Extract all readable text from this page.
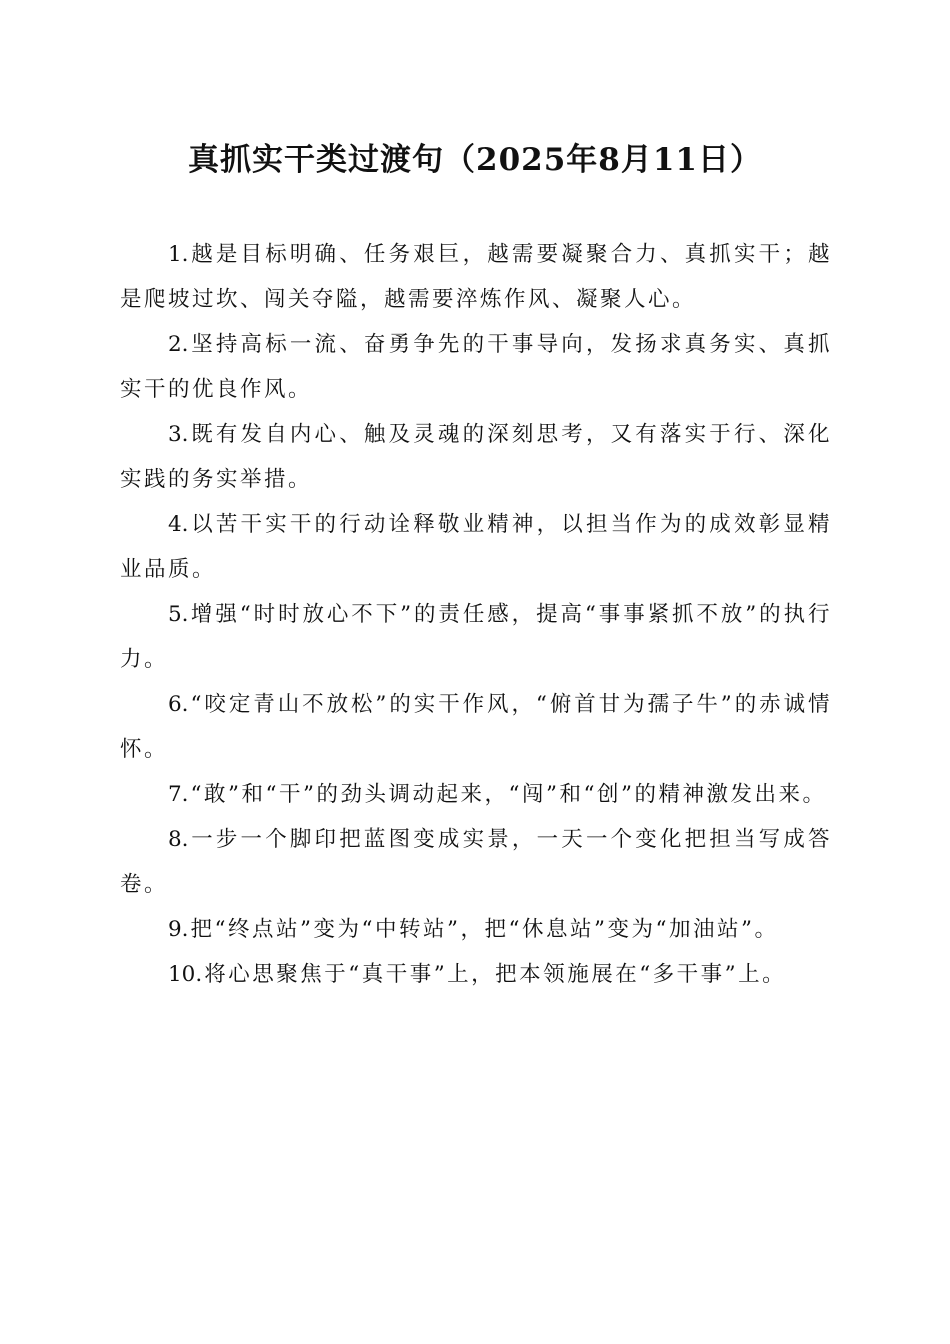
真抓实干类过渡句（2025年8月11日）

1.越是目标明确、任务艰巨，越需要凝聚合力、真抓实干；越是爬坡过坎、闯关夺隘，越需要淬炼作风、凝聚人心。

2.坚持高标一流、奋勇争先的干事导向，发扬求真务实、真抓实干的优良作风。

3.既有发自内心、触及灵魂的深刻思考，又有落实于行、深化实践的务实举措。

4.以苦干实干的行动诠释敬业精神，以担当作为的成效彰显精业品质。

5.增强“时时放心不下”的责任感，提高“事事紧抓不放”的执行力。

6.“咬定青山不放松”的实干作风，“俯首甘为孺子牛”的赤诚情怀。

7.“敢”和“干”的劲头调动起来，“闯”和“创”的精神激发出来。

8.一步一个脚印把蓝图变成实景，一天一个变化把担当写成答卷。

9.把“终点站”变为“中转站”，把“休息站”变为“加油站”。

10.将心思聚焦于“真干事”上，把本领施展在“多干事”上。
